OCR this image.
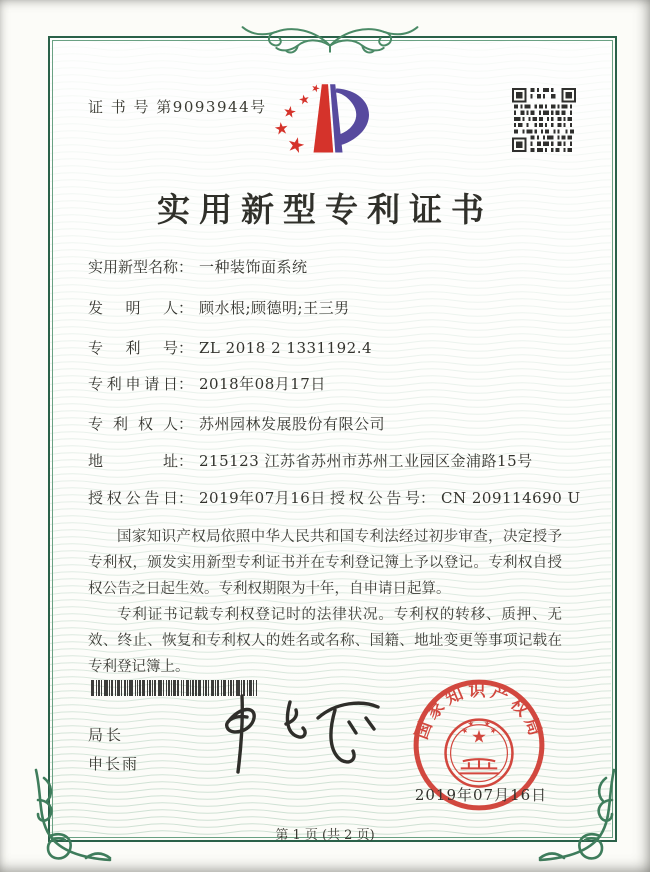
证 书 号 第9093944号
实用新型专利证书
实用新型名称： 一种装饰面系统
发明人： 顾水根;顾德明;王三男
专利号： ZL 2018 2 1331192.4
专利申请日： 2018年08月17日
专利权人： 苏州园林发展股份有限公司
地址： 215123 江苏省苏州市苏州工业园区金浦路15号
授权公告日： 2019年07月16日 授权公告号： CN 209114690 U

国家知识产权局依照中华人民共和国专利法经过初步审查，决定授予专利权，颁发实用新型专利证书并在专利登记簿上予以登记。专利权自授权公告之日起生效。专利权期限为十年，自申请日起算。

专利证书记载专利权登记时的法律状况。专利权的转移、质押、无效、终止、恢复和专利权人的姓名或名称、国籍、地址变更等事项记载在专利登记簿上。

局长
申长雨
国家知识产权局
2019年07月16日
第 1 页 (共 2 页)
